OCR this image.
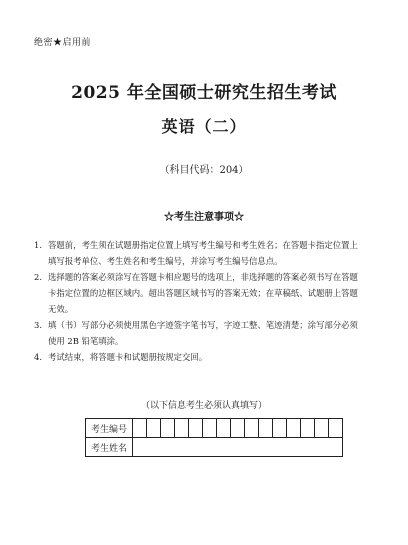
绝密★启用前
2025 年全国硕士研究生招生考试
英语（二）
（科目代码：204）
☆考生注意事项☆
1. 答题前，考生须在试题册指定位置上填写考生编号和考生姓名；在答题卡指定位置上填写报考单位、考生姓名和考生编号，并涂写考生编号信息点。
2. 选择题的答案必须涂写在答题卡相应题号的选项上，非选择题的答案必须书写在答题卡指定位置的边框区域内。超出答题区域书写的答案无效；在草稿纸、试题册上答题无效。
3. 填（书）写部分必须使用黑色字迹签字笔书写，字迹工整、笔迹清楚；涂写部分必须使用 2B 铅笔填涂。
4. 考试结束，将答题卡和试题册按规定交回。
（以下信息考生必须认真填写）
考生编号															
考生姓名															
